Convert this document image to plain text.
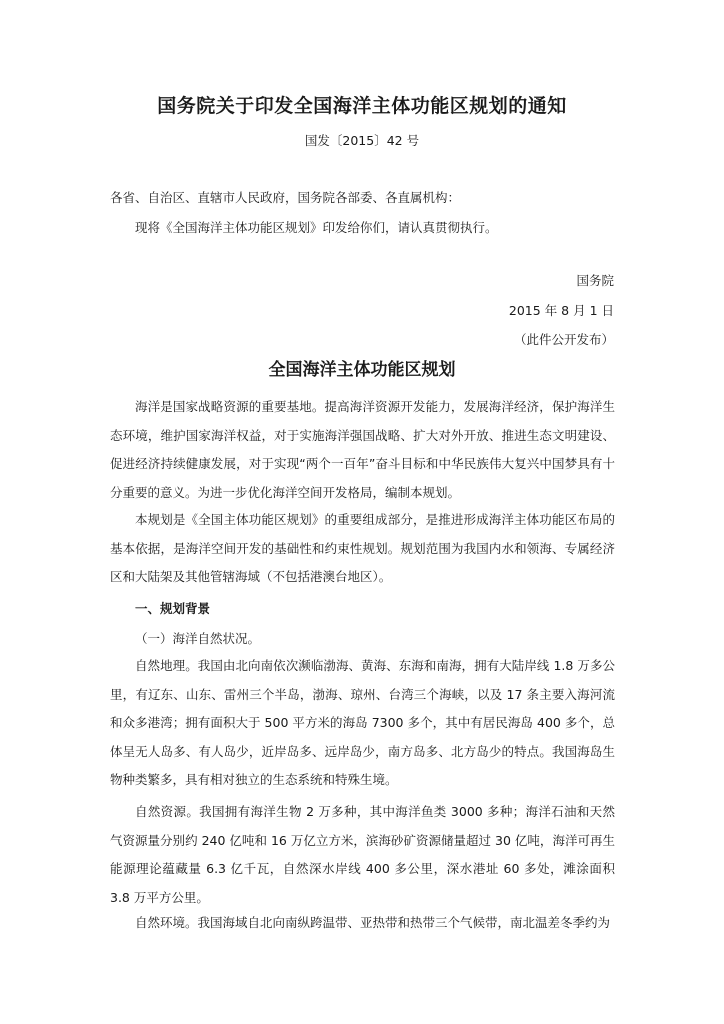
国务院关于印发全国海洋主体功能区规划的通知
国发〔2015〕42 号
各省、自治区、直辖市人民政府，国务院各部委、各直属机构：
现将《全国海洋主体功能区规划》印发给你们，请认真贯彻执行。
国务院
2015 年 8 月 1 日
（此件公开发布）
全国海洋主体功能区规划

海洋是国家战略资源的重要基地。提高海洋资源开发能力，发展海洋经济，保护海洋生态环境，维护国家海洋权益，对于实施海洋强国战略、扩大对外开放、推进生态文明建设、促进经济持续健康发展，对于实现“两个一百年”奋斗目标和中华民族伟大复兴中国梦具有十分重要的意义。为进一步优化海洋空间开发格局，编制本规划。

本规划是《全国主体功能区规划》的重要组成部分，是推进形成海洋主体功能区布局的基本依据，是海洋空间开发的基础性和约束性规划。规划范围为我国内水和领海、专属经济区和大陆架及其他管辖海域（不包括港澳台地区）。

一、规划背景
（一）海洋自然状况。

自然地理。我国由北向南依次濒临渤海、黄海、东海和南海，拥有大陆岸线 1.8 万多公里，有辽东、山东、雷州三个半岛，渤海、琼州、台湾三个海峡，以及 17 条主要入海河流和众多港湾；拥有面积大于 500 平方米的海岛 7300 多个，其中有居民海岛 400 多个，总体呈无人岛多、有人岛少，近岸岛多、远岸岛少，南方岛多、北方岛少的特点。我国海岛生物种类繁多，具有相对独立的生态系统和特殊生境。

自然资源。我国拥有海洋生物 2 万多种，其中海洋鱼类 3000 多种；海洋石油和天然气资源量分别约 240 亿吨和 16 万亿立方米，滨海砂矿资源储量超过 30 亿吨，海洋可再生能源理论蕴藏量 6.3 亿千瓦，自然深水岸线 400 多公里，深水港址 60 多处，滩涂面积 3.8 万平方公里。

自然环境。我国海域自北向南纵跨温带、亚热带和热带三个气候带，南北温差冬季约为
